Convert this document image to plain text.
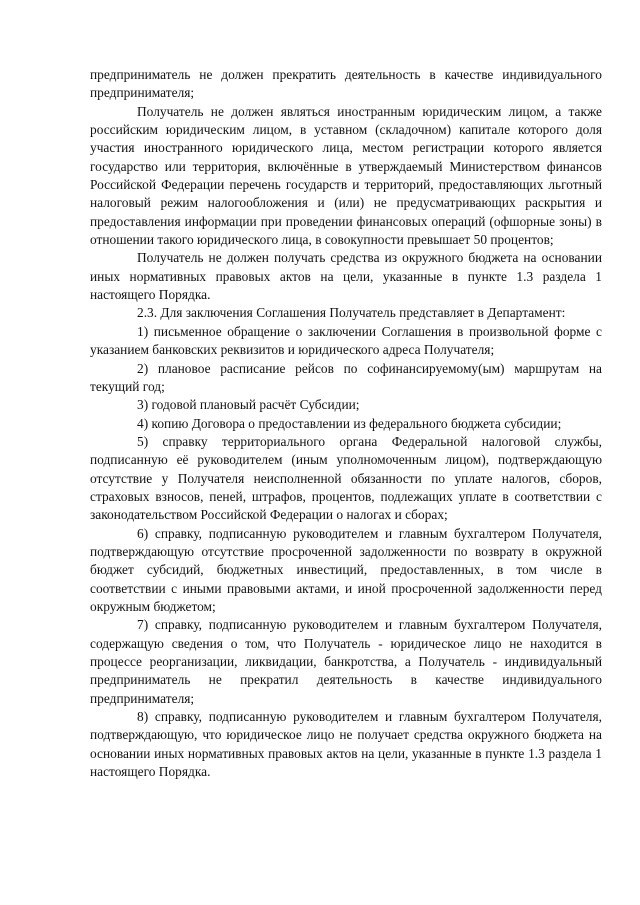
предприниматель не должен прекратить деятельность в качестве индивидуального предпринимателя;

Получатель не должен являться иностранным юридическим лицом, а также российским юридическим лицом, в уставном (складочном) капитале которого доля участия иностранного юридического лица, местом регистрации которого является государство или территория, включённые в утверждаемый Министерством финансов Российской Федерации перечень государств и территорий, предоставляющих льготный налоговый режим налогообложения и (или) не предусматривающих раскрытия и предоставления информации при проведении финансовых операций (офшорные зоны) в отношении такого юридического лица, в совокупности превышает 50 процентов;

Получатель не должен получать средства из окружного бюджета на основании иных нормативных правовых актов на цели, указанные в пункте 1.3 раздела 1 настоящего Порядка.

2.3. Для заключения Соглашения Получатель представляет в Департамент:

1) письменное обращение о заключении Соглашения в произвольной форме с указанием банковских реквизитов и юридического адреса Получателя;

2) плановое расписание рейсов по софинансируемому(ым) маршрутам на текущий год;

3) годовой плановый расчёт Субсидии;

4) копию Договора о предоставлении из федерального бюджета субсидии;

5) справку территориального органа Федеральной налоговой службы, подписанную её руководителем (иным уполномоченным лицом), подтверждающую отсутствие у Получателя неисполненной обязанности по уплате налогов, сборов, страховых взносов, пеней, штрафов, процентов, подлежащих уплате в соответствии с законодательством Российской Федерации о налогах и сборах;

6) справку, подписанную руководителем и главным бухгалтером Получателя, подтверждающую отсутствие просроченной задолженности по возврату в окружной бюджет субсидий, бюджетных инвестиций, предоставленных, в том числе в соответствии с иными правовыми актами, и иной просроченной задолженности перед окружным бюджетом;

7) справку, подписанную руководителем и главным бухгалтером Получателя, содержащую сведения о том, что Получатель - юридическое лицо не находится в процессе реорганизации, ликвидации, банкротства, а Получатель - индивидуальный предприниматель не прекратил деятельность в качестве индивидуального предпринимателя;

8) справку, подписанную руководителем и главным бухгалтером Получателя, подтверждающую, что юридическое лицо не получает средства окружного бюджета на основании иных нормативных правовых актов на цели, указанные в пункте 1.3 раздела 1 настоящего Порядка.
